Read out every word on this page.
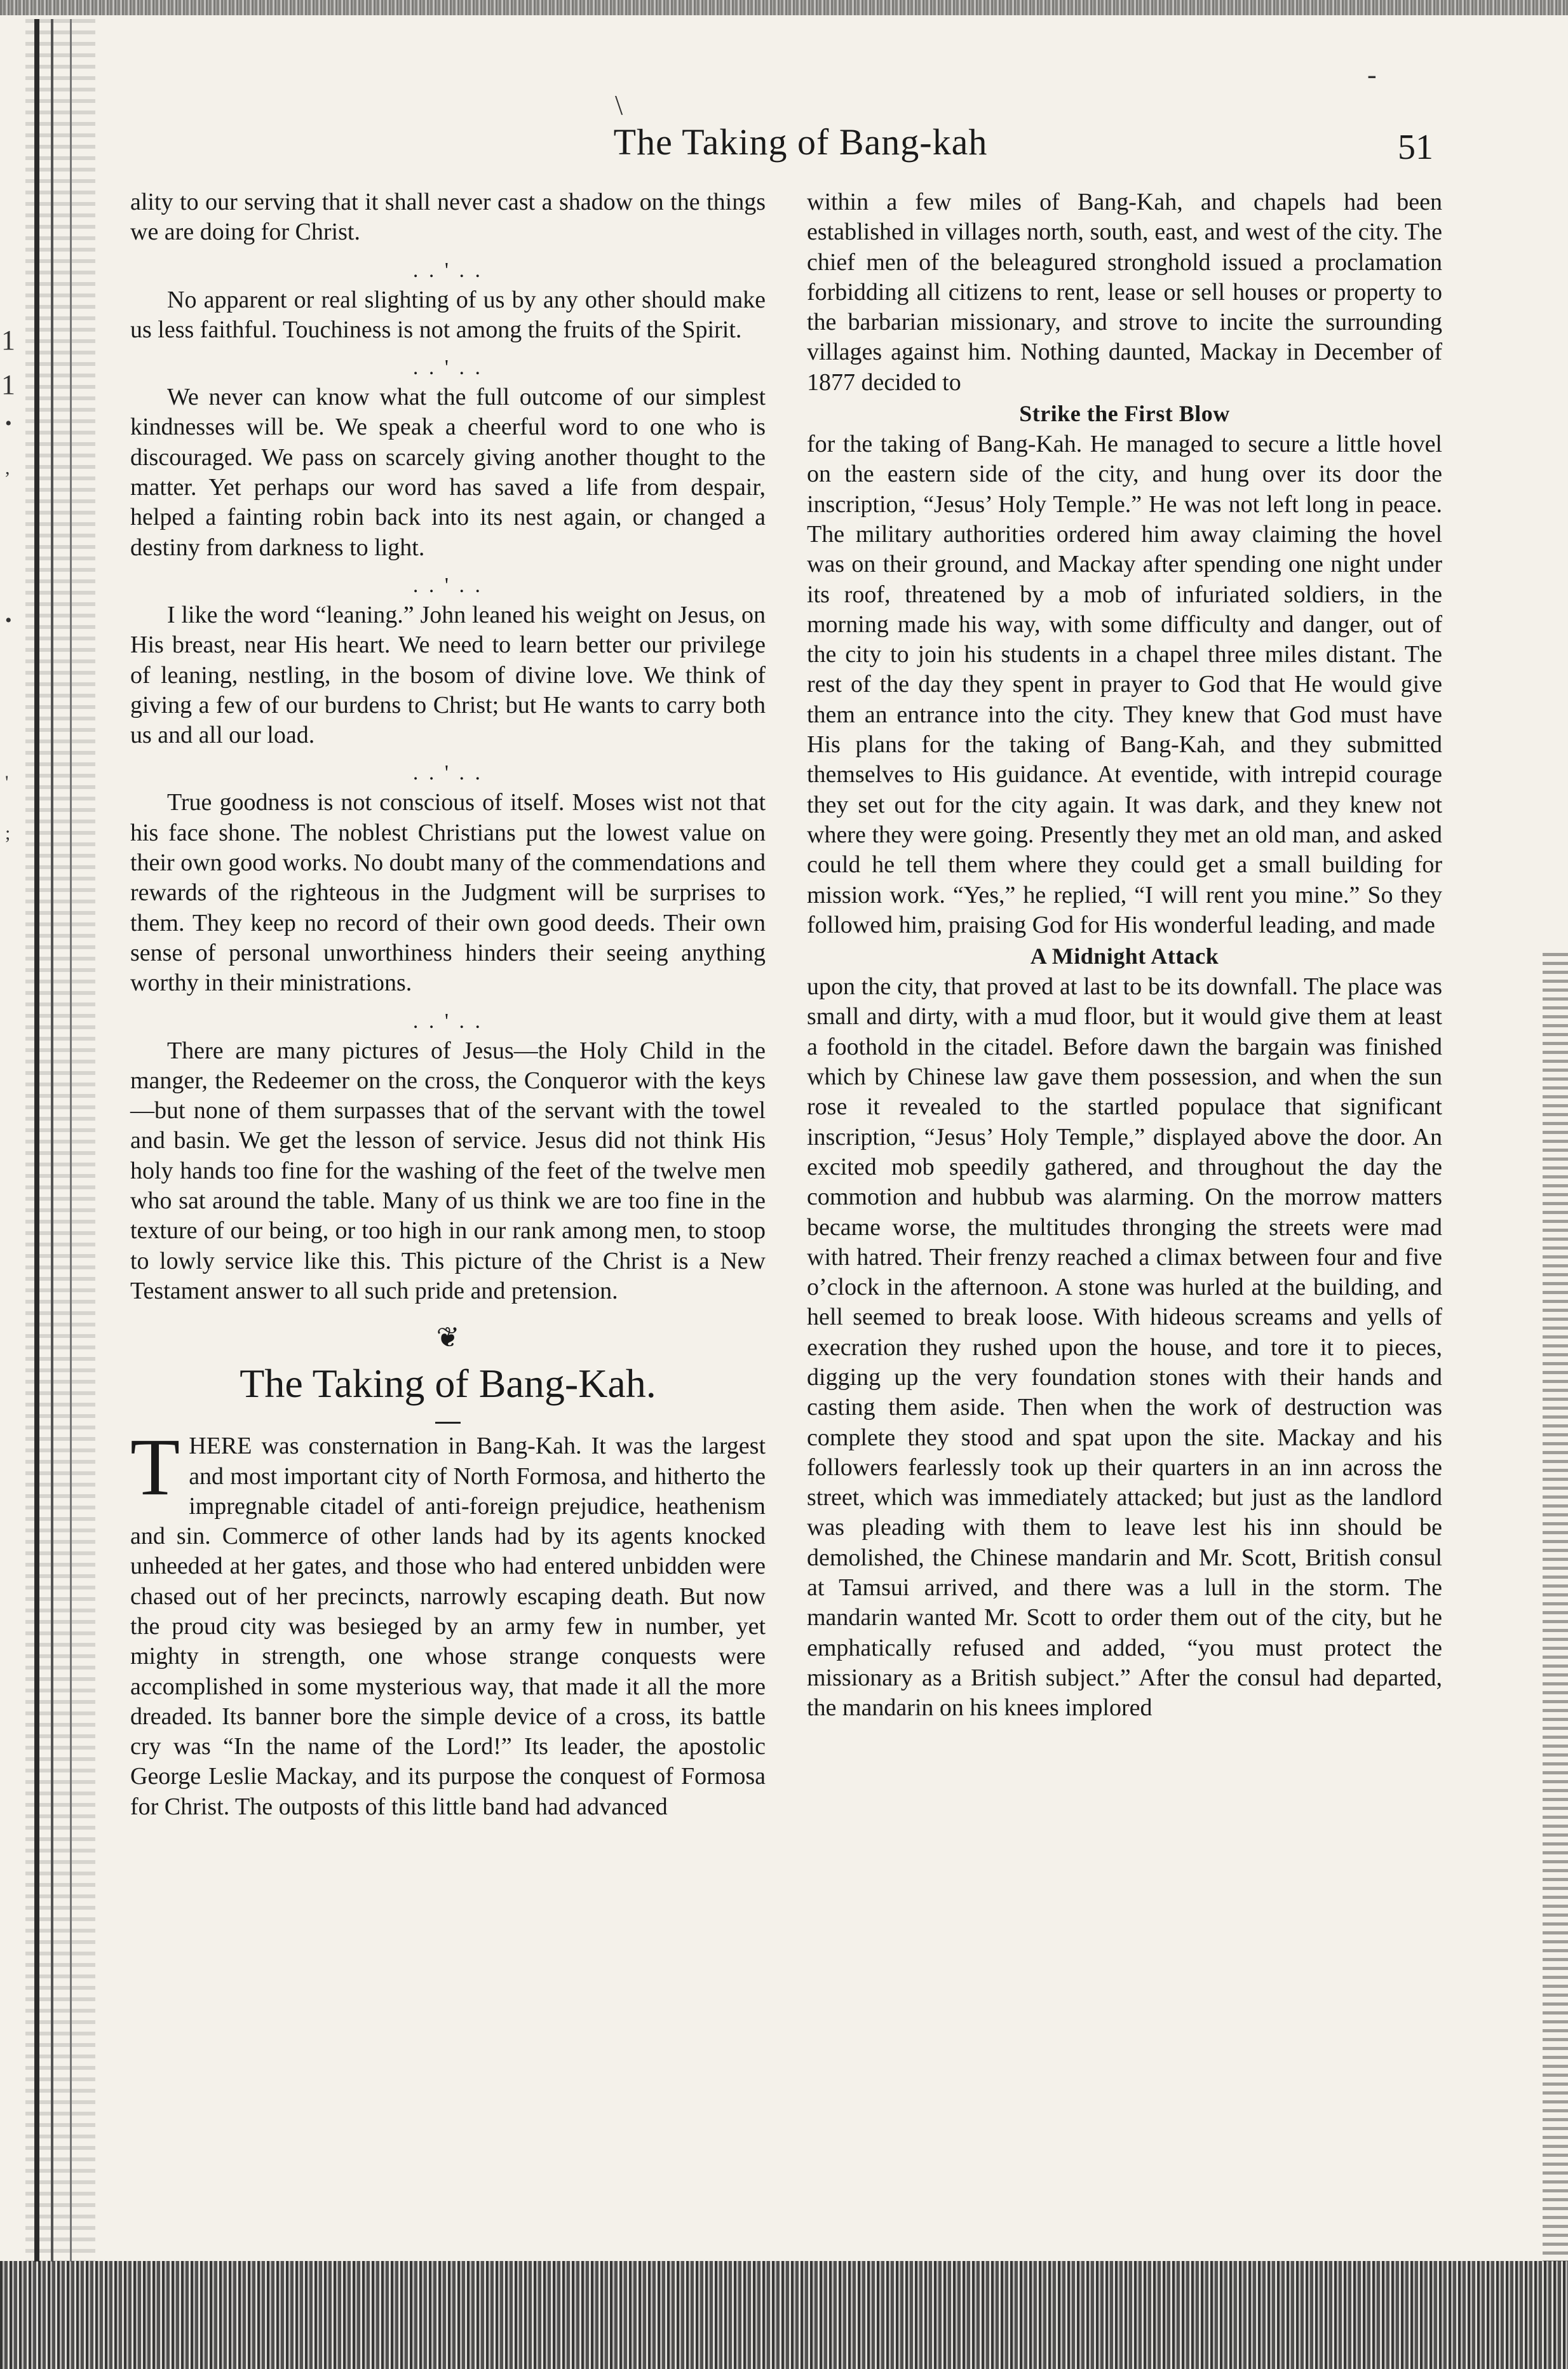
\
-
1
1
•
,
•
'
;
The Taking of Bang-kah	51

ality to our serving that it shall never cast a shadow on the things we are doing for Christ.

. . ' . .

No apparent or real slighting of us by any other should make us less faithful. Touchiness is not among the fruits of the Spirit.

. . ' . .

We never can know what the full outcome of our simplest kindnesses will be. We speak a cheerful word to one who is discouraged. We pass on scarcely giving another thought to the matter. Yet perhaps our word has saved a life from despair, helped a fainting robin back into its nest again, or changed a destiny from darkness to light.

. . ' . .

I like the word “leaning.” John leaned his weight on Jesus, on His breast, near His heart. We need to learn better our privilege of leaning, nestling, in the bosom of divine love. We think of giving a few of our burdens to Christ; but He wants to carry both us and all our load.

. . ' . .

True goodness is not conscious of itself. Moses wist not that his face shone. The noblest Christians put the lowest value on their own good works. No doubt many of the commendations and rewards of the righteous in the Judgment will be surprises to them. They keep no record of their own good deeds. Their own sense of personal unworthiness hinders their seeing anything worthy in their ministrations.

. . ' . .

There are many pictures of Jesus—the Holy Child in the manger, the Redeemer on the cross, the Conqueror with the keys—but none of them surpasses that of the servant with the towel and basin. We get the lesson of service. Jesus did not think His holy hands too fine for the washing of the feet of the twelve men who sat around the table. Many of us think we are too fine in the texture of our being, or too high in our rank among men, to stoop to lowly service like this. This picture of the Christ is a New Testament answer to all such pride and pretension.

❦
The Taking of Bang-Kah.

THERE was consternation in Bang-Kah. It was the largest and most important city of North Formosa, and hitherto the impregnable citadel of anti-foreign prejudice, heathenism and sin. Commerce of other lands had by its agents knocked unheeded at her gates, and those who had entered unbidden were chased out of her precincts, narrowly escaping death. But now the proud city was besieged by an army few in number, yet mighty in strength, one whose strange conquests were accomplished in some mysterious way, that made it all the more dreaded. Its banner bore the simple device of a cross, its battle cry was “In the name of the Lord!” Its leader, the apostolic George Leslie Mackay, and its purpose the conquest of Formosa for Christ. The outposts of this little band had advanced

within a few miles of Bang-Kah, and chapels had been established in villages north, south, east, and west of the city. The chief men of the beleagured stronghold issued a proclamation forbidding all citizens to rent, lease or sell houses or property to the barbarian missionary, and strove to incite the surrounding villages against him. Nothing daunted, Mackay in December of 1877 decided to

Strike the First Blow

for the taking of Bang-Kah. He managed to secure a little hovel on the eastern side of the city, and hung over its door the inscription, “Jesus’ Holy Temple.” He was not left long in peace. The military authorities ordered him away claiming the hovel was on their ground, and Mackay after spending one night under its roof, threatened by a mob of infuriated soldiers, in the morning made his way, with some difficulty and danger, out of the city to join his students in a chapel three miles distant. The rest of the day they spent in prayer to God that He would give them an entrance into the city. They knew that God must have His plans for the taking of Bang-Kah, and they submitted themselves to His guidance. At eventide, with intrepid courage they set out for the city again. It was dark, and they knew not where they were going. Presently they met an old man, and asked could he tell them where they could get a small building for mission work. “Yes,” he replied, “I will rent you mine.” So they followed him, praising God for His wonderful leading, and made

A Midnight Attack

upon the city, that proved at last to be its downfall. The place was small and dirty, with a mud floor, but it would give them at least a foothold in the citadel. Before dawn the bargain was finished which by Chinese law gave them possession, and when the sun rose it revealed to the startled populace that significant inscription, “Jesus’ Holy Temple,” displayed above the door. An excited mob speedily gathered, and throughout the day the commotion and hubbub was alarming. On the morrow matters became worse, the multitudes thronging the streets were mad with hatred. Their frenzy reached a climax between four and five o’clock in the afternoon. A stone was hurled at the building, and hell seemed to break loose. With hideous screams and yells of execration they rushed upon the house, and tore it to pieces, digging up the very foundation stones with their hands and casting them aside. Then when the work of destruction was complete they stood and spat upon the site. Mackay and his followers fearlessly took up their quarters in an inn across the street, which was immediately attacked; but just as the landlord was pleading with them to leave lest his inn should be demolished, the Chinese mandarin and Mr. Scott, British consul at Tamsui arrived, and there was a lull in the storm. The mandarin wanted Mr. Scott to order them out of the city, but he emphatically refused and added, “you must protect the missionary as a British subject.” After the consul had departed, the mandarin on his knees implored
